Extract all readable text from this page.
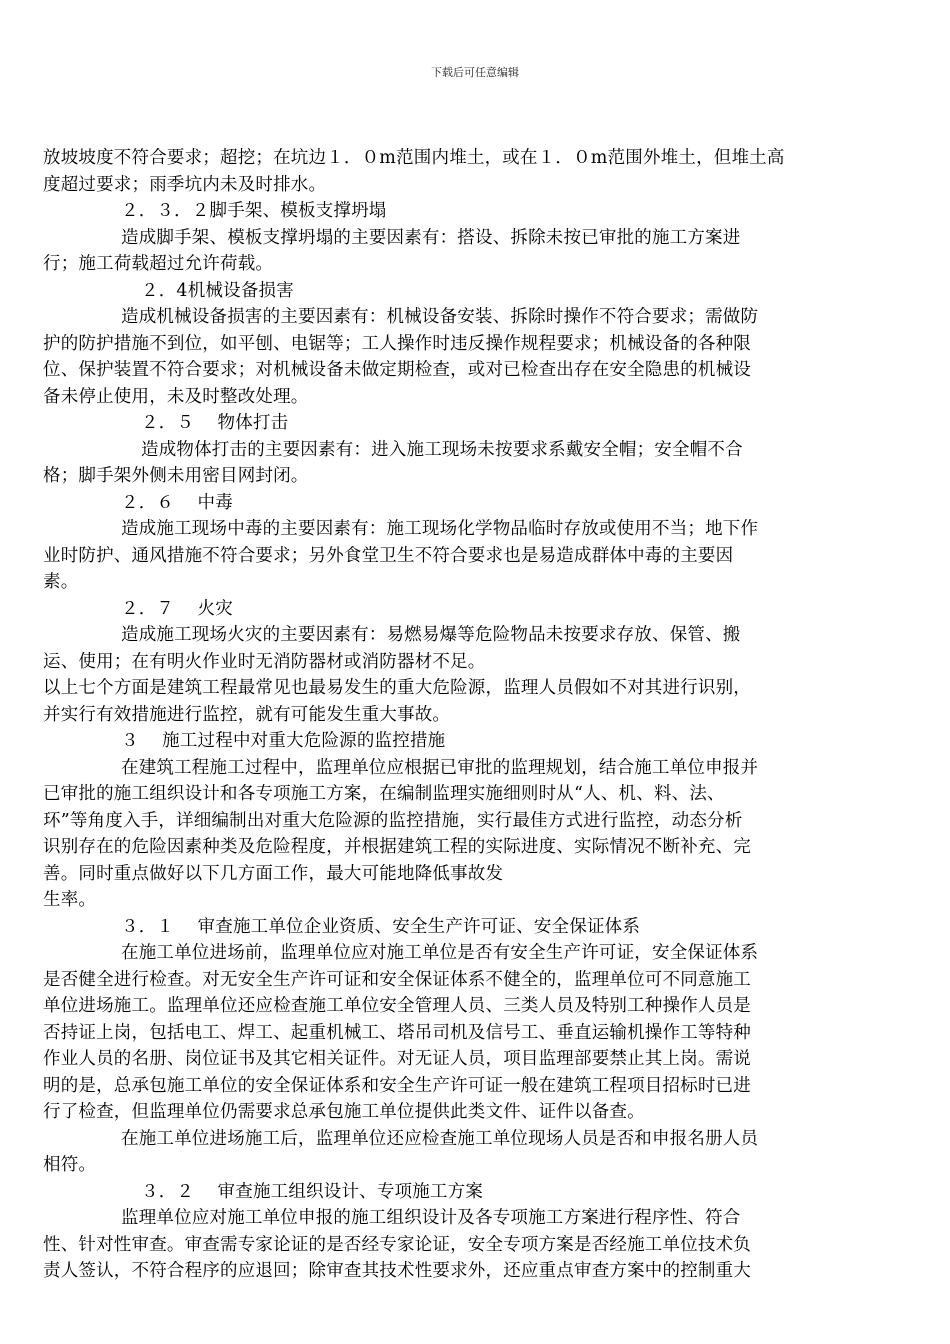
下载后可任意编辑
放坡坡度不符合要求；超挖；在坑边１．０m范围内堆土，或在１．０m范围外堆土，但堆土高
度超过要求；雨季坑内未及时排水。
２．３．２脚手架、模板支撑坍塌
造成脚手架、模板支撑坍塌的主要因素有：搭设、拆除未按已审批的施工方案进
行；施工荷载超过允许荷载。
２．4机械设备损害
造成机械设备损害的主要因素有：机械设备安装、拆除时操作不符合要求；需做防
护的防护措施不到位，如平刨、电锯等；工人操作时违反操作规程要求；机械设备的各种限
位、保护装置不符合要求；对机械设备未做定期检查，或对已检查出存在安全隐患的机械设
备未停止使用，未及时整改处理。
２．５　 物体打击
造成物体打击的主要因素有：进入施工现场未按要求系戴安全帽；安全帽不合
格；脚手架外侧未用密目网封闭。
２．６　 中毒
造成施工现场中毒的主要因素有：施工现场化学物品临时存放或使用不当；地下作
业时防护、通风措施不符合要求；另外食堂卫生不符合要求也是易造成群体中毒的主要因
素。
２．７　 火灾
造成施工现场火灾的主要因素有：易燃易爆等危险物品未按要求存放、保管、搬
运、使用；在有明火作业时无消防器材或消防器材不足。
以上七个方面是建筑工程最常见也最易发生的重大危险源，监理人员假如不对其进行识别，
并实行有效措施进行监控，就有可能发生重大事故。
３　 施工过程中对重大危险源的监控措施
在建筑工程施工过程中，监理单位应根据已审批的监理规划，结合施工单位申报并
已审批的施工组织设计和各专项施工方案，在编制监理实施细则时从“人、机、料、法、
环”等角度入手，详细编制出对重大危险源的监控措施，实行最佳方式进行监控，动态分析
识别存在的危险因素种类及危险程度，并根据建筑工程的实际进度、实际情况不断补充、完
善。同时重点做好以下几方面工作，最大可能地降低事故发
生率。
３．１　 审查施工单位企业资质、安全生产许可证、安全保证体系
在施工单位进场前，监理单位应对施工单位是否有安全生产许可证，安全保证体系
是否健全进行检查。对无安全生产许可证和安全保证体系不健全的，监理单位可不同意施工
单位进场施工。监理单位还应检查施工单位安全管理人员、三类人员及特别工种操作人员是
否持证上岗，包括电工、焊工、起重机械工、塔吊司机及信号工、垂直运输机操作工等特种
作业人员的名册、岗位证书及其它相关证件。对无证人员，项目监理部要禁止其上岗。需说
明的是，总承包施工单位的安全保证体系和安全生产许可证一般在建筑工程项目招标时已进
行了检查，但监理单位仍需要求总承包施工单位提供此类文件、证件以备查。
在施工单位进场施工后，监理单位还应检查施工单位现场人员是否和申报名册人员
相符。
３．２　 审查施工组织设计、专项施工方案
监理单位应对施工单位申报的施工组织设计及各专项施工方案进行程序性、符合
性、针对性审查。审查需专家论证的是否经专家论证，安全专项方案是否经施工单位技术负
责人签认，不符合程序的应退回；除审查其技术性要求外，还应重点审查方案中的控制重大
